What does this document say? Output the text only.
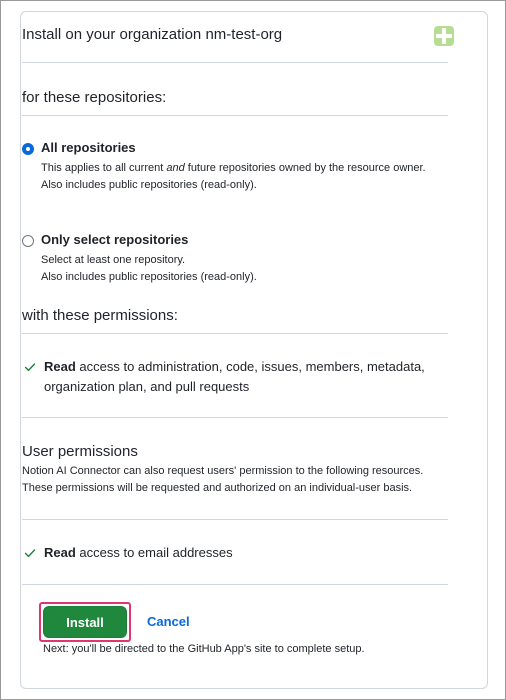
Install on your organization nm-test-org
for these repositories:
All repositories
This applies to all current and future repositories owned by the resource owner.
Also includes public repositories (read-only).
Only select repositories
Select at least one repository.
Also includes public repositories (read-only).
with these permissions:
Read access to administration, code, issues, members, metadata, organization plan, and pull requests
User permissions
Notion AI Connector can also request users' permission to the following resources. These permissions will be requested and authorized on an individual-user basis.
Read access to email addresses
Install	Cancel
Next: you'll be directed to the GitHub App's site to complete setup.
